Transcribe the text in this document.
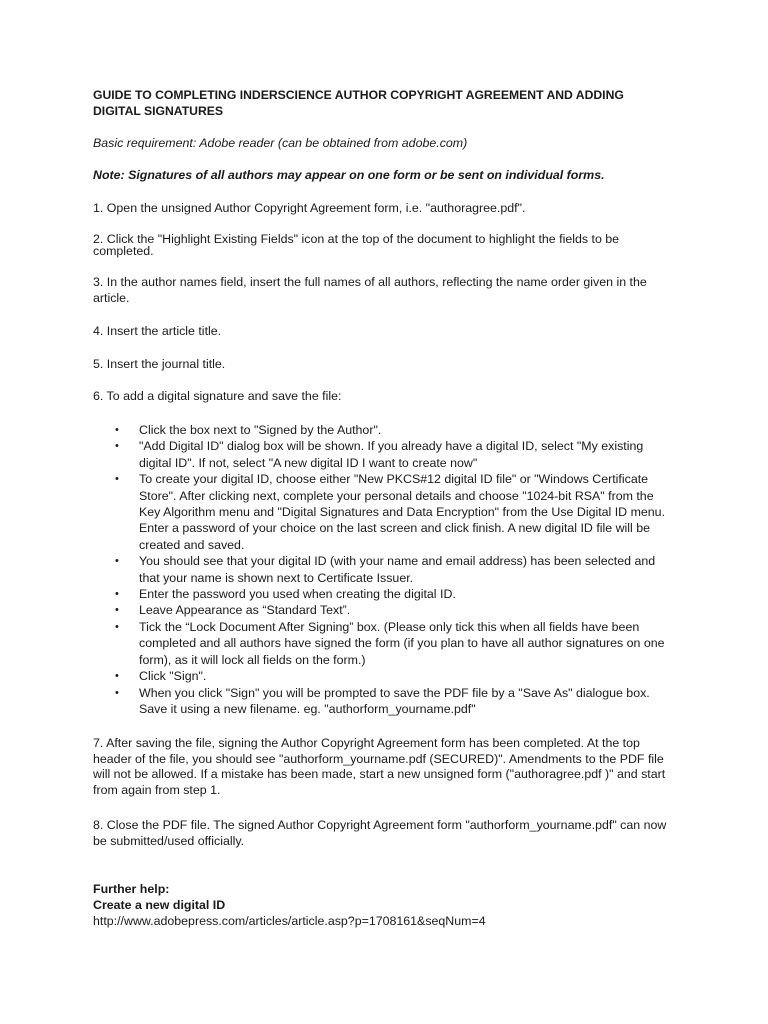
GUIDE TO COMPLETING INDERSCIENCE AUTHOR COPYRIGHT AGREEMENT AND ADDING DIGITAL SIGNATURES

Basic requirement: Adobe reader (can be obtained from adobe.com)

Note: Signatures of all authors may appear on one form or be sent on individual forms.

1. Open the unsigned Author Copyright Agreement form, i.e. "authoragree.pdf".

2. Click the "Highlight Existing Fields" icon at the top of the document to highlight the fields to be completed.

3. In the author names field, insert the full names of all authors, reflecting the name order given in the article.

4. Insert the article title.

5. Insert the journal title.

6. To add a digital signature and save the file:

• Click the box next to "Signed by the Author".
• "Add Digital ID" dialog box will be shown. If you already have a digital ID, select "My existing digital ID". If not, select "A new digital ID I want to create now"
• To create your digital ID, choose either "New PKCS#12 digital ID file" or "Windows Certificate Store". After clicking next, complete your personal details and choose "1024-bit RSA" from the Key Algorithm menu and "Digital Signatures and Data Encryption" from the Use Digital ID menu. Enter a password of your choice on the last screen and click finish. A new digital ID file will be created and saved.
• You should see that your digital ID (with your name and email address) has been selected and that your name is shown next to Certificate Issuer.
• Enter the password you used when creating the digital ID.
• Leave Appearance as “Standard Text”.
• Tick the “Lock Document After Signing” box. (Please only tick this when all fields have been completed and all authors have signed the form (if you plan to have all author signatures on one form), as it will lock all fields on the form.)
• Click "Sign".
• When you click "Sign" you will be prompted to save the PDF file by a "Save As" dialogue box. Save it using a new filename. eg. "authorform_yourname.pdf"

7. After saving the file, signing the Author Copyright Agreement form has been completed. At the top header of the file, you should see "authorform_yourname.pdf (SECURED)". Amendments to the PDF file will not be allowed. If a mistake has been made, start a new unsigned form ("authoragree.pdf )" and start from again from step 1.

8. Close the PDF file. The signed Author Copyright Agreement form "authorform_yourname.pdf" can now be submitted/used officially.

Further help:

Create a new digital ID

http://www.adobepress.com/articles/article.asp?p=1708161&seqNum=4
